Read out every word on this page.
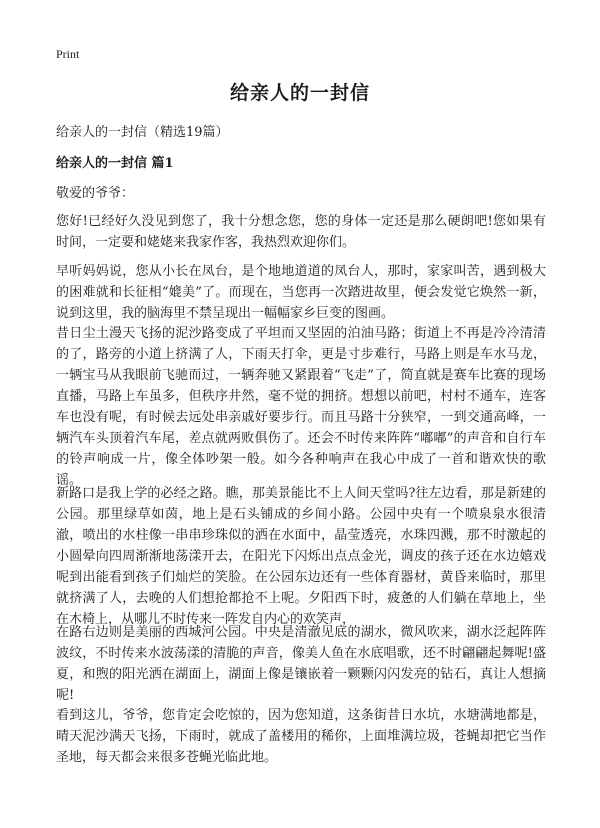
Print
给亲人的一封信

给亲人的一封信（精选19篇）

给亲人的一封信 篇1

敬爱的爷爷：

您好!已经好久没见到您了，我十分想念您，您的身体一定还是那么硬朗吧!您如果有时间，一定要和姥姥来我家作客，我热烈欢迎你们。

早听妈妈说，您从小长在凤台，是个地地道道的凤台人，那时，家家叫苦，遇到极大的困难就和长征相“媲美”了。而现在，当您再一次踏进故里，便会发觉它焕然一新，说到这里，我的脑海里不禁呈现出一幅幅家乡巨变的图画。

昔日尘土漫天飞扬的泥沙路变成了平坦而又坚固的泊油马路；街道上不再是冷冷清清的了，路旁的小道上挤满了人，下雨天打伞，更是寸步难行，马路上则是车水马龙，一辆宝马从我眼前飞驰而过，一辆奔驰又紧跟着“飞走”了，简直就是赛车比赛的现场直播，马路上车虽多，但秩序井然，毫不觉的拥挤。想想以前吧，村村不通车，连客车也没有呢，有时候去远处串亲戚好要步行。而且马路十分狭窄，一到交通高峰，一辆汽车头顶着汽车尾，差点就两败俱伤了。还会不时传来阵阵“嘟嘟”的声音和自行车的铃声响成一片，像全体吵架一般。如今各种响声在我心中成了一首和谐欢快的歌谣。

新路口是我上学的必经之路。瞧，那美景能比不上人间天堂吗?往左边看，那是新建的公园。那里绿草如茵，地上是石头铺成的乡间小路。公园中央有一个喷泉泉水很清澈，喷出的水柱像一串串珍珠似的洒在水面中，晶莹透亮，水珠四溅，那不时激起的小圆晕向四周渐渐地荡漾开去，在阳光下闪烁出点点金光，调皮的孩子还在水边嬉戏呢到出能看到孩子们灿烂的笑脸。在公园东边还有一些体育器材，黄昏来临时，那里就挤满了人，去晚的人们想抢都抢不上呢。夕阳西下时，疲惫的人们躺在草地上，坐在木椅上，从哪儿不时传来一阵发自内心的欢笑声，

在路右边则是美丽的西城河公园。中央是清澈见底的湖水，微风吹来，湖水泛起阵阵波纹，不时传来水波荡漾的清脆的声音，像美人鱼在水底唱歌，还不时翩翩起舞呢!盛夏，和煦的阳光洒在湖面上，湖面上像是镶嵌着一颗颗闪闪发亮的钻石，真让人想摘呢!

看到这儿，爷爷，您肯定会吃惊的，因为您知道，这条街昔日水坑，水塘满地都是，晴天泥沙满天飞扬，下雨时，就成了盖楼用的稀你，上面堆满垃圾，苍蝇却把它当作圣地，每天都会来很多苍蝇光临此地。
